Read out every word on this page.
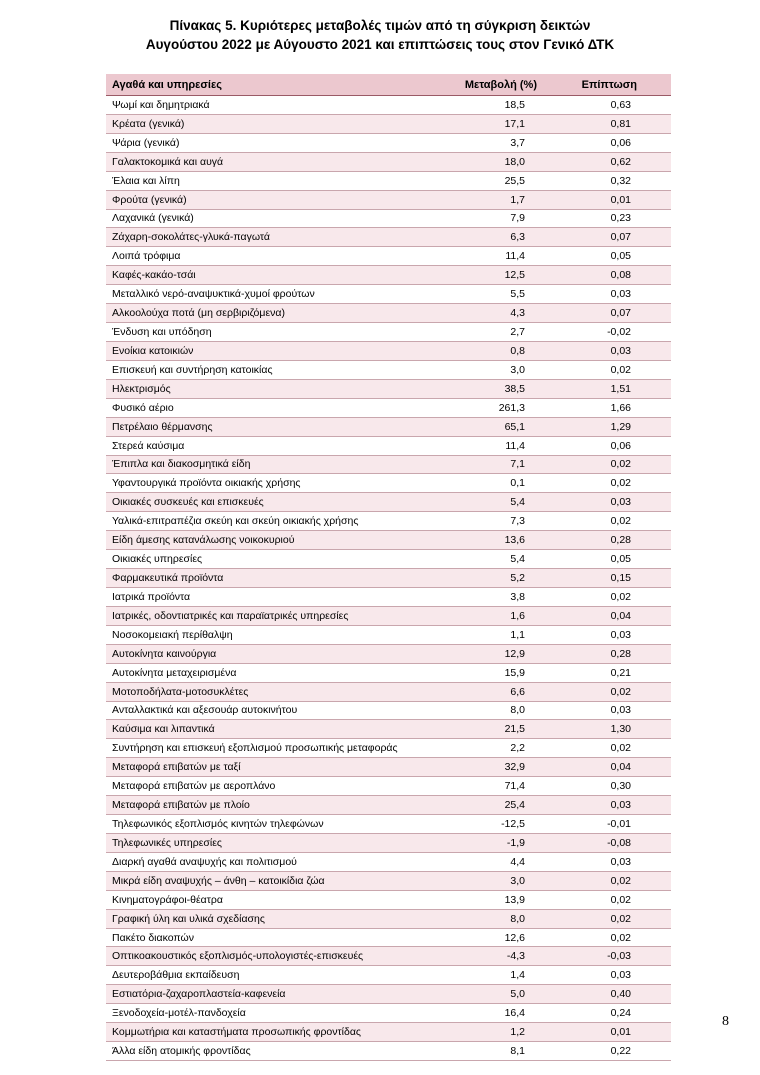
Πίνακας 5. Κυριότερες μεταβολές τιμών από τη σύγκριση δεικτών
Αυγούστου 2022 με Αύγουστο 2021 και επιπτώσεις τους στον Γενικό ΔΤΚ
Αγαθά και υπηρεσίες	Μεταβολή (%)	Επίπτωση
Ψωμί και δημητριακά	18,5	0,63
Κρέατα (γενικά)	17,1	0,81
Ψάρια (γενικά)	3,7	0,06
Γαλακτοκομικά και αυγά	18,0	0,62
Έλαια και λίπη	25,5	0,32
Φρούτα (γενικά)	1,7	0,01
Λαχανικά (γενικά)	7,9	0,23
Ζάχαρη-σοκολάτες-γλυκά-παγωτά	6,3	0,07
Λοιπά τρόφιμα	11,4	0,05
Καφές-κακάο-τσάι	12,5	0,08
Μεταλλικό νερό-αναψυκτικά-χυμοί φρούτων	5,5	0,03
Αλκοολούχα ποτά (μη σερβιριζόμενα)	4,3	0,07
Ένδυση και υπόδηση	2,7	-0,02
Ενοίκια κατοικιών	0,8	0,03
Επισκευή και συντήρηση κατοικίας	3,0	0,02
Ηλεκτρισμός	38,5	1,51
Φυσικό αέριο	261,3	1,66
Πετρέλαιο θέρμανσης	65,1	1,29
Στερεά καύσιμα	11,4	0,06
Έπιπλα και διακοσμητικά είδη	7,1	0,02
Υφαντουργικά προϊόντα οικιακής χρήσης	0,1	0,02
Οικιακές συσκευές και επισκευές	5,4	0,03
Υαλικά-επιτραπέζια σκεύη και σκεύη οικιακής χρήσης	7,3	0,02
Είδη άμεσης κατανάλωσης νοικοκυριού	13,6	0,28
Οικιακές υπηρεσίες	5,4	0,05
Φαρμακευτικά προϊόντα	5,2	0,15
Ιατρικά προϊόντα	3,8	0,02
Ιατρικές, οδοντιατρικές και παραϊατρικές υπηρεσίες	1,6	0,04
Νοσοκομειακή περίθαλψη	1,1	0,03
Αυτοκίνητα καινούργια	12,9	0,28
Αυτοκίνητα μεταχειρισμένα	15,9	0,21
Μοτοποδήλατα-μοτοσυκλέτες	6,6	0,02
Ανταλλακτικά και αξεσουάρ αυτοκινήτου	8,0	0,03
Καύσιμα και λιπαντικά	21,5	1,30
Συντήρηση και επισκευή εξοπλισμού προσωπικής μεταφοράς	2,2	0,02
Μεταφορά επιβατών με ταξί	32,9	0,04
Μεταφορά επιβατών με αεροπλάνο	71,4	0,30
Μεταφορά επιβατών με πλοίο	25,4	0,03
Τηλεφωνικός εξοπλισμός κινητών τηλεφώνων	-12,5	-0,01
Τηλεφωνικές υπηρεσίες	-1,9	-0,08
Διαρκή αγαθά αναψυχής και πολιτισμού	4,4	0,03
Μικρά είδη αναψυχής – άνθη – κατοικίδια ζώα	3,0	0,02
Κινηματογράφοι-θέατρα	13,9	0,02
Γραφική ύλη και υλικά σχεδίασης	8,0	0,02
Πακέτο διακοπών	12,6	0,02
Οπτικοακουστικός εξοπλισμός-υπολογιστές-επισκευές	-4,3	-0,03
Δευτεροβάθμια εκπαίδευση	1,4	0,03
Εστιατόρια-ζαχαροπλαστεία-καφενεία	5,0	0,40
Ξενοδοχεία-μοτέλ-πανδοχεία	16,4	0,24
Κομμωτήρια και καταστήματα προσωπικής φροντίδας	1,2	0,01
Άλλα είδη ατομικής φροντίδας	8,1	0,22
8
